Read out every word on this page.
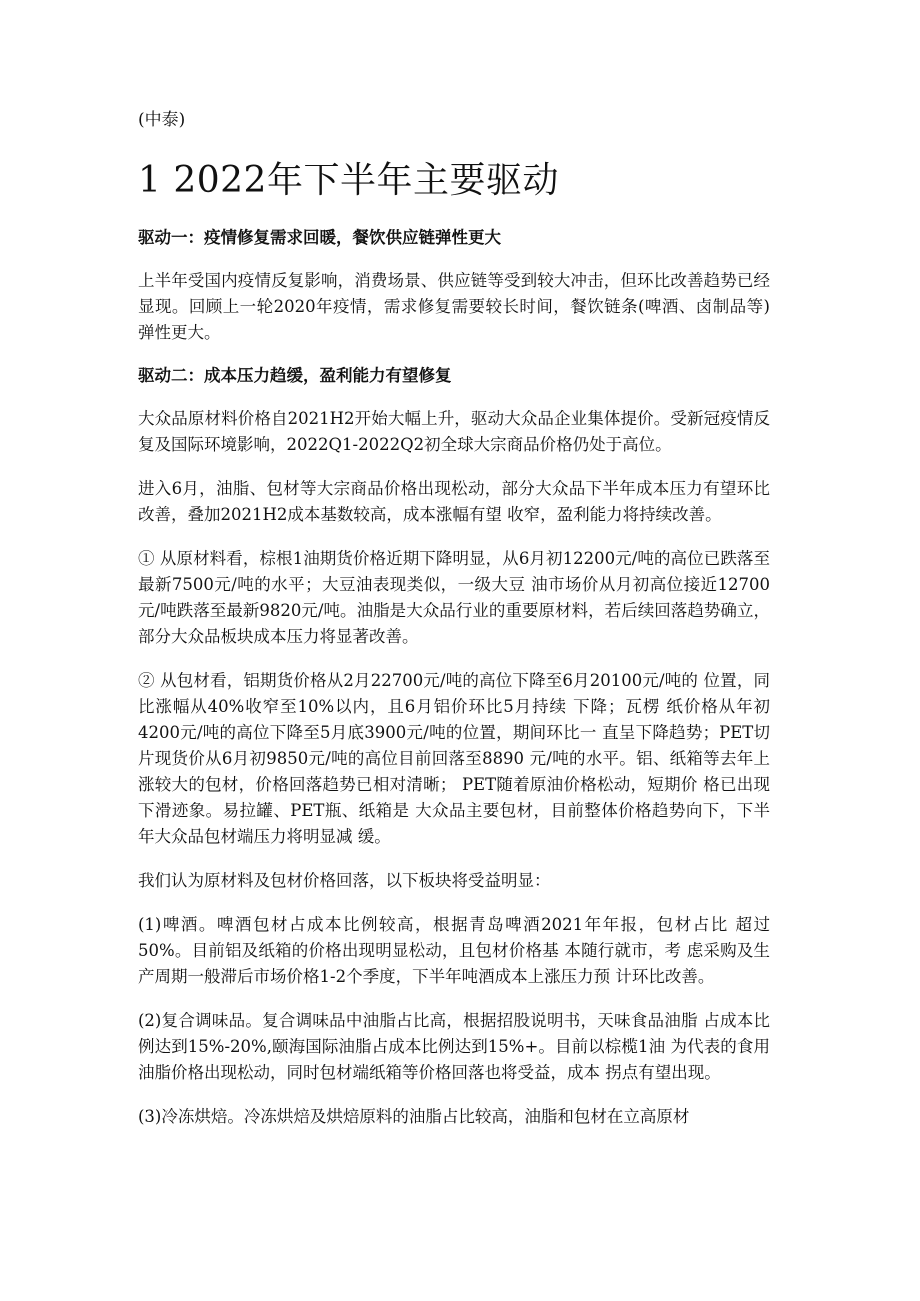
(中泰)
1 2022年下半年主要驱动
驱动一：疫情修复需求回暖，餐饮供应链弹性更大

上半年受国内疫情反复影响，消费场景、供应链等受到较大冲击，但环比改善趋势已经显现。回顾上一轮2020年疫情，需求修复需要较长时间，餐饮链条(啤酒、卤制品等)弹性更大。

驱动二：成本压力趋缓，盈利能力有望修复

大众品原材料价格自2021H2开始大幅上升，驱动大众品企业集体提价。受新冠疫情反复及国际环境影响，2022Q1-2022Q2初全球大宗商品价格仍处于高位。

进入6月，油脂、包材等大宗商品价格出现松动，部分大众品下半年成本压力有望环比改善，叠加2021H2成本基数较高，成本涨幅有望 收窄，盈利能力将持续改善。

① 从原材料看，棕根1油期货价格近期下降明显，从6月初12200元/吨的高位已跌落至最新7500元/吨的水平；大豆油表现类似，一级大豆 油市场价从月初高位接近12700元/吨跌落至最新9820元/吨。油脂是大众品行业的重要原材料，若后续回落趋势确立，部分大众品板块成本压力将显著改善。

② 从包材看，铝期货价格从2月22700元/吨的高位下降至6月20100元/吨的 位置，同比涨幅从40%收窄至10%以内，且6月铝价环比5月持续 下降；瓦楞 纸价格从年初4200元/吨的高位下降至5月底3900元/吨的位置，期间环比一 直呈下降趋势；PET切片现货价从6月初9850元/吨的高位目前回落至8890 元/吨的水平。铝、纸箱等去年上涨较大的包材，价格回落趋势已相对清晰； PET随着原油价格松动，短期价 格已出现下滑迹象。易拉罐、PET瓶、纸箱是 大众品主要包材，目前整体价格趋势向下，下半年大众品包材端压力将明显减 缓。

我们认为原材料及包材价格回落，以下板块将受益明显：

(1)啤酒。啤酒包材占成本比例较高，根据青岛啤酒2021年年报，包材占比 超过50%。目前铝及纸箱的价格出现明显松动，且包材价格基 本随行就市，考 虑采购及生产周期一般滞后市场价格1-2个季度，下半年吨酒成本上涨压力预 计环比改善。

(2)复合调味品。复合调味品中油脂占比高，根据招股说明书，天味食品油脂 占成本比例达到15%-20%,颐海国际油脂占成本比例达到15%+。目前以棕榄1油 为代表的食用油脂价格出现松动，同时包材端纸箱等价格回落也将受益，成本 拐点有望出现。

(3)冷冻烘焙。冷冻烘焙及烘焙原料的油脂占比较高，油脂和包材在立高原材
